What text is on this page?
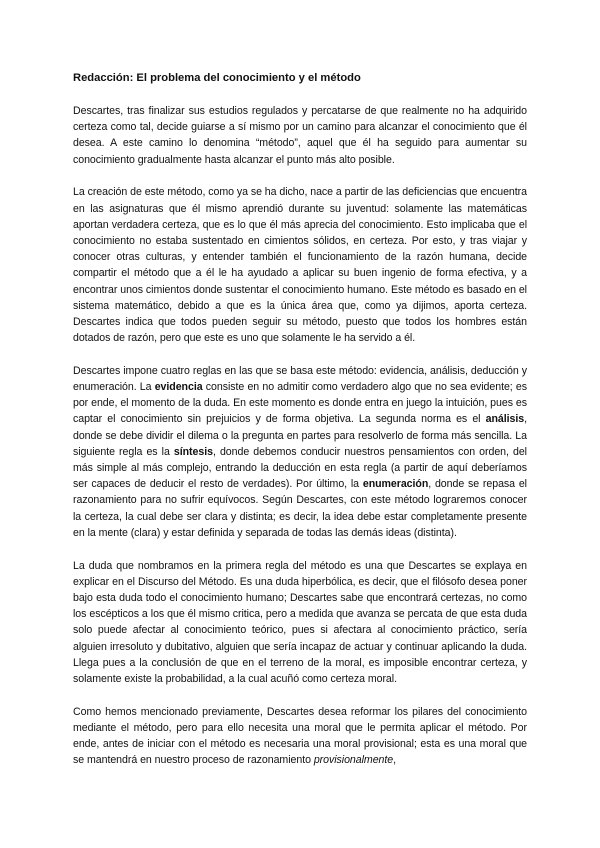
Redacción: El problema del conocimiento y el método

Descartes, tras finalizar sus estudios regulados y percatarse de que realmente no ha adquirido certeza como tal, decide guiarse a sí mismo por un camino para alcanzar el conocimiento que él desea. A este camino lo denomina “método”, aquel que él ha seguido para aumentar su conocimiento gradualmente hasta alcanzar el punto más alto posible.

La creación de este método, como ya se ha dicho, nace a partir de las deficiencias que encuentra en las asignaturas que él mismo aprendió durante su juventud: solamente las matemáticas aportan verdadera certeza, que es lo que él más aprecia del conocimiento. Esto implicaba que el conocimiento no estaba sustentado en cimientos sólidos, en certeza. Por esto, y tras viajar y conocer otras culturas, y entender también el funcionamiento de la razón humana, decide compartir el método que a él le ha ayudado a aplicar su buen ingenio de forma efectiva, y a encontrar unos cimientos donde sustentar el conocimiento humano. Este método es basado en el sistema matemático, debido a que es la única área que, como ya dijimos, aporta certeza. Descartes indica que todos pueden seguir su método, puesto que todos los hombres están dotados de razón, pero que este es uno que solamente le ha servido a él.

Descartes impone cuatro reglas en las que se basa este método: evidencia, análisis, deducción y enumeración. La evidencia consiste en no admitir como verdadero algo que no sea evidente; es por ende, el momento de la duda. En este momento es donde entra en juego la intuición, pues es captar el conocimiento sin prejuicios y de forma objetiva. La segunda norma es el análisis, donde se debe dividir el dilema o la pregunta en partes para resolverlo de forma más sencilla. La siguiente regla es la síntesis, donde debemos conducir nuestros pensamientos con orden, del más simple al más complejo, entrando la deducción en esta regla (a partir de aquí deberíamos ser capaces de deducir el resto de verdades). Por último, la enumeración, donde se repasa el razonamiento para no sufrir equívocos. Según Descartes, con este método lograremos conocer la certeza, la cual debe ser clara y distinta; es decir, la idea debe estar completamente presente en la mente (clara) y estar definida y separada de todas las demás ideas (distinta).

La duda que nombramos en la primera regla del método es una que Descartes se explaya en explicar en el Discurso del Método. Es una duda hiperbólica, es decir, que el filósofo desea poner bajo esta duda todo el conocimiento humano; Descartes sabe que encontrará certezas, no como los escépticos a los que él mismo critica, pero a medida que avanza se percata de que esta duda solo puede afectar al conocimiento teórico, pues si afectara al conocimiento práctico, sería alguien irresoluto y dubitativo, alguien que sería incapaz de actuar y continuar aplicando la duda. Llega pues a la conclusión de que en el terreno de la moral, es imposible encontrar certeza, y solamente existe la probabilidad, a la cual acuñó como certeza moral.

Como hemos mencionado previamente, Descartes desea reformar los pilares del conocimiento mediante el método, pero para ello necesita una moral que le permita aplicar el método. Por ende, antes de iniciar con el método es necesaria una moral provisional; esta es una moral que se mantendrá en nuestro proceso de razonamiento provisionalmente,
